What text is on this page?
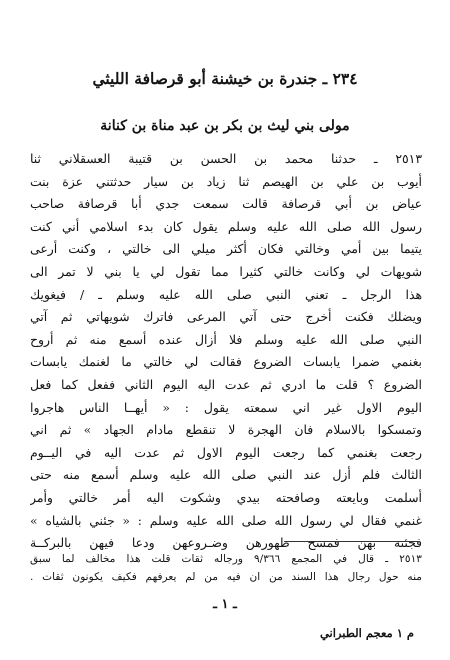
٢٣٤ ـ جندرة بن خيشنة أبو قرصافة الليثي
مولى بني ليث بن بكر بن عبد مناة بن كنانة
٢٥١٣ ـ حدثنا محمد بن الحسن بن قتيبة العسقلاني ثنا
أيوب بن علي بن الهيصم ثنا زياد بن سيار حدثتني عزة بنت
عياض بن أبي قرصافة قالت سمعت جدي أبا قرصافة صاحب
رسول الله صلى الله عليه وسلم يقول كان بدء اسلامي أني كنت
يتيما بين أمي وخالتي فكان أكثر ميلي الى خالتي ، وكنت أرعى
شويهات لي وكانت خالتي كثيرا مما تقول لي يا بني لا تمر الى
هذا الرجل ـ تعني النبي صلى الله عليه وسلم ـ / فيغويك
ويضلك فكنت أخرج حتى آتي المرعى فاترك شويهاتي ثم آتي
النبي صلى الله عليه وسلم فلا أزال عنده أسمع منه ثم أروح
بغنمي ضمرا يابسات الضروع فقالت لي خالتي ما لغنمك يابسات
الضروع ؟ قلت ما ادري ثم عدت اليه اليوم الثاني ففعل كما فعل
اليوم الاول غير اني سمعته يقول : « أيهــا الناس هاجروا
وتمسكوا بالاسلام فان الهجرة لا تنقطع مادام الجهاد » ثم اني
رجعت بغنمي كما رجعت اليوم الاول ثم عدت اليه في اليــوم
الثالث فلم أزل عند النبي صلى الله عليه وسلم أسمع منه حتى
أسلمت وبايعته وصافحته بيدي وشكوت اليه أمر خالتي وأمر
غنمي فقال لي رسول الله صلى الله عليه وسلم : « جئني بالشياه »
فجئته بهن فمسح ظهورهن وضـروعهن ودعا فيهن بالبركــة
٢٥١٣ ـ قال في المجمع ٩/٣٦٦ ورجاله ثقات قلت هذا مخالف لما سبق
منه حول رجال هذا السند من ان فيه من لم يعرفهم فكيف يكونون ثقات .
ـ ١ ـ
م ١ معجم الطبراني
